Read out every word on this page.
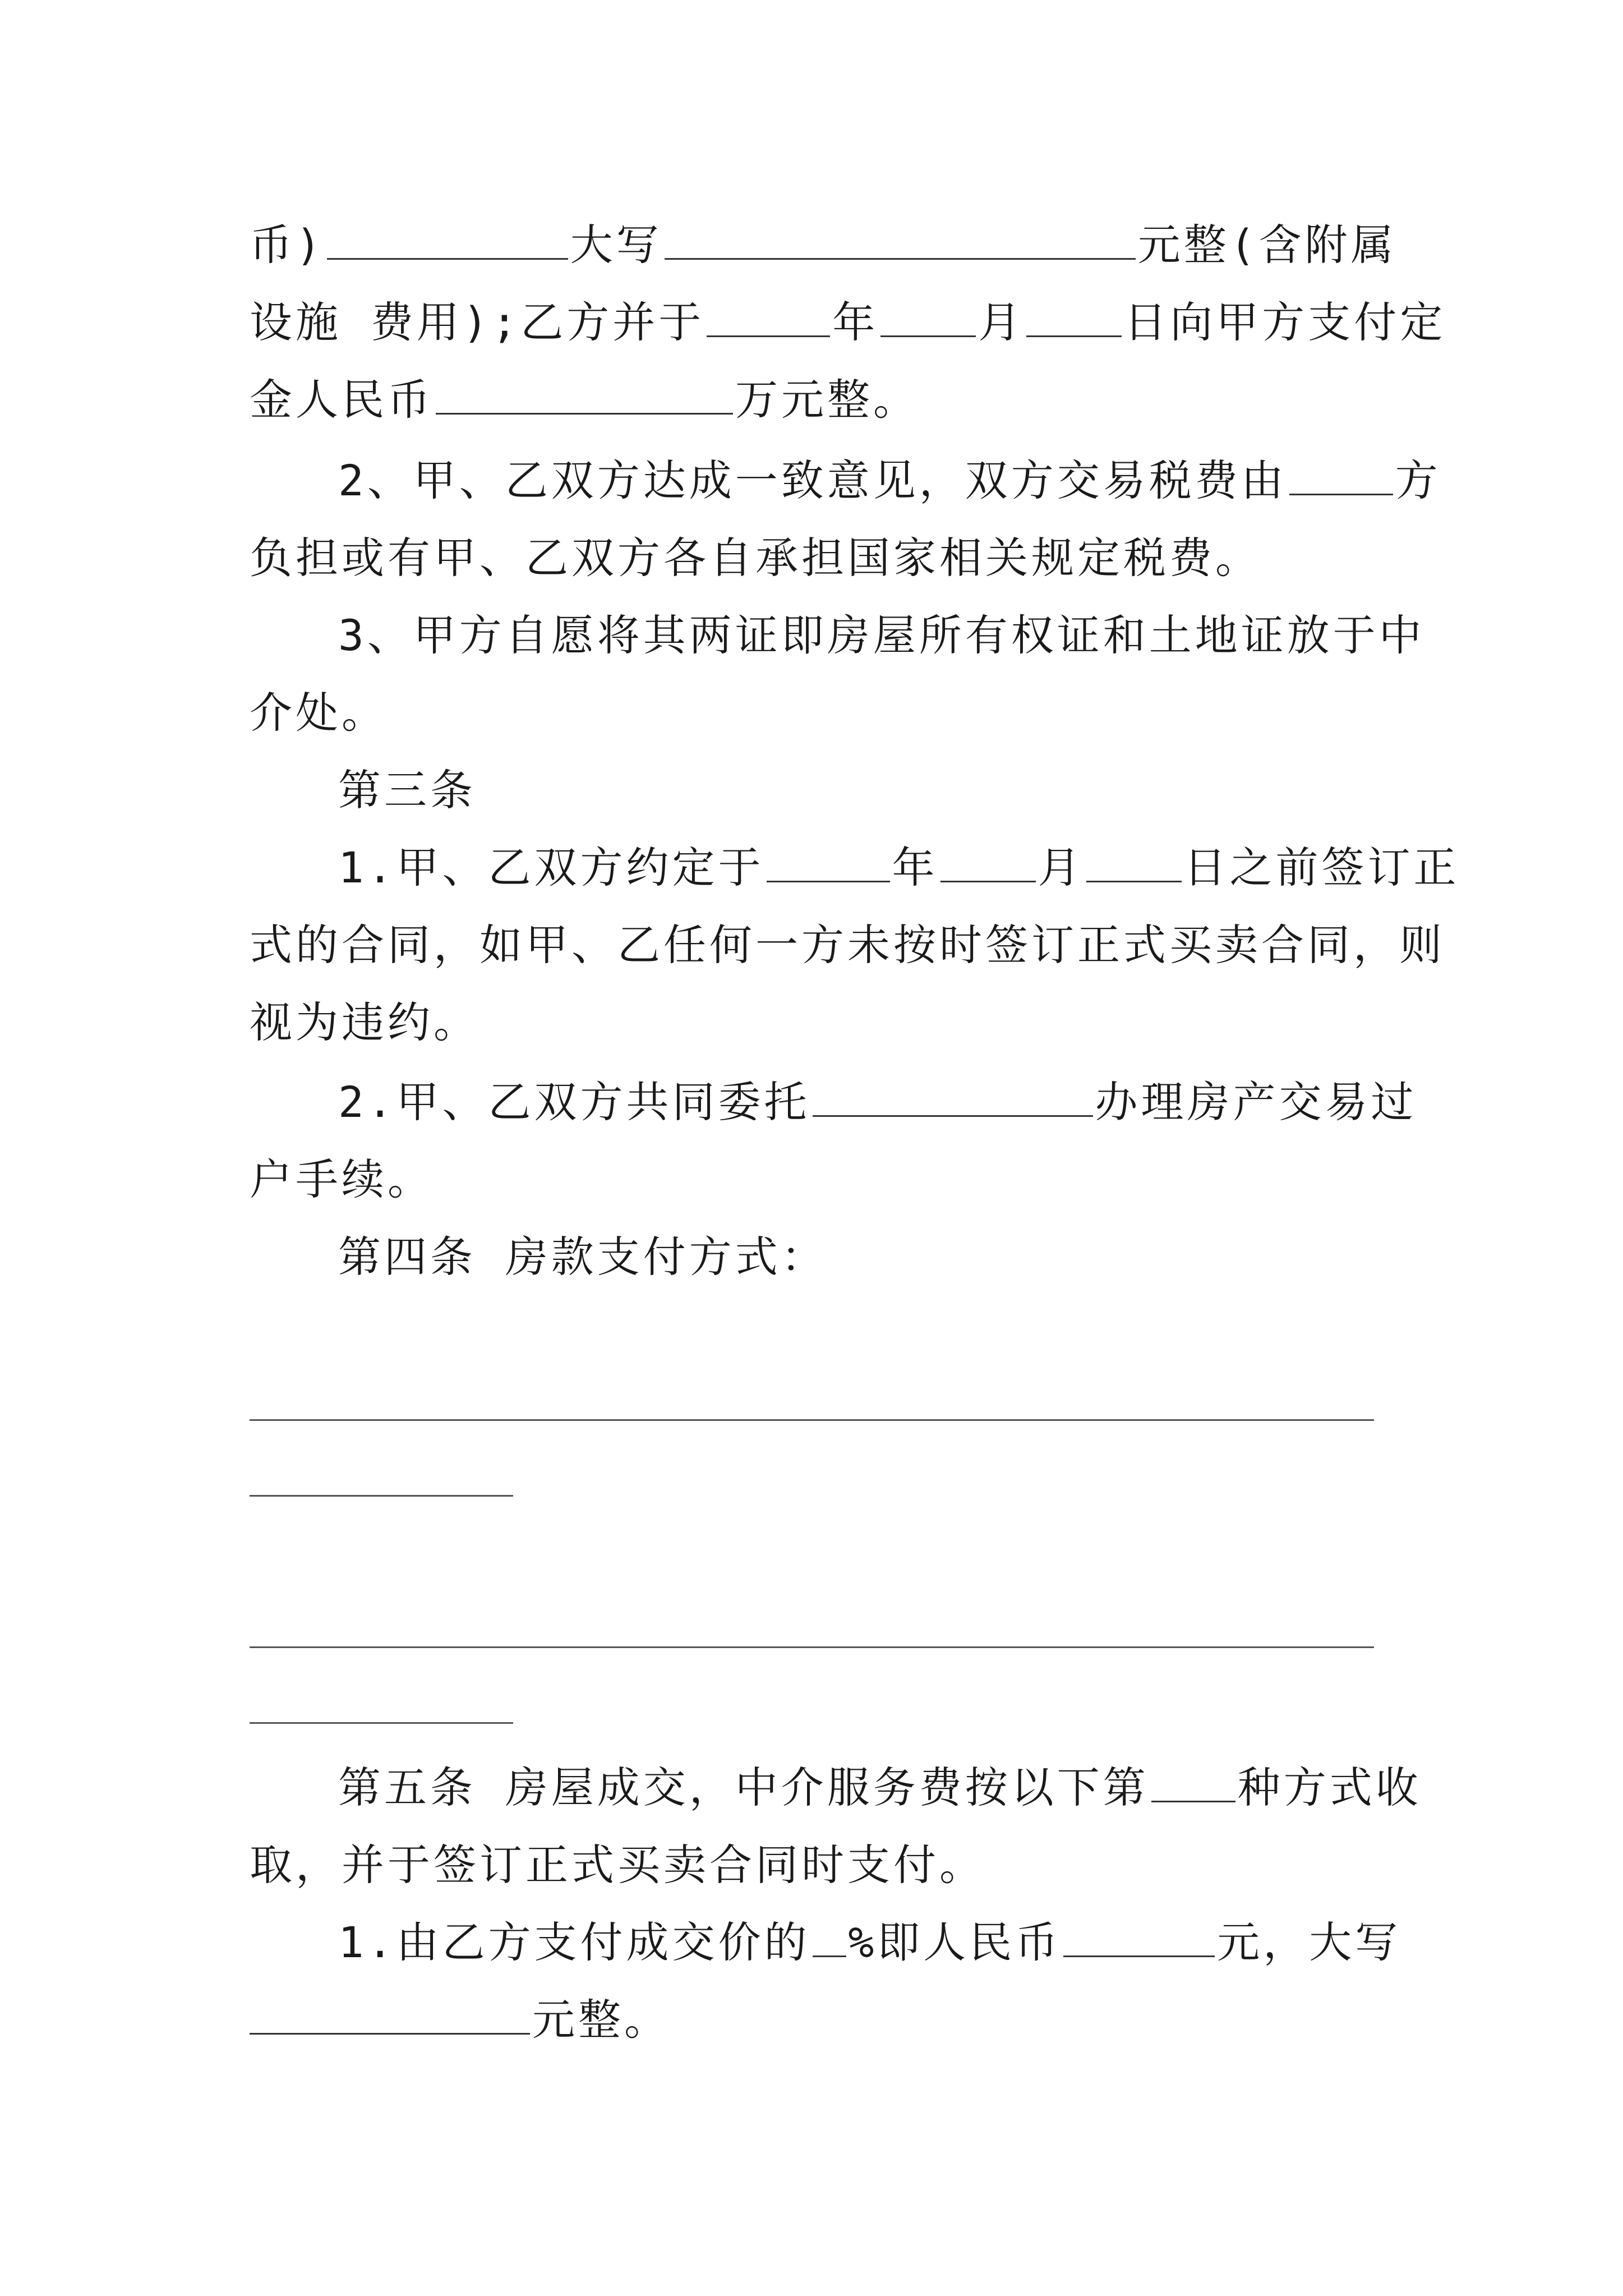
币)	大写	元整(含附属
设施 费用);乙方并于	年 月 日向甲方支付定
金人民币	万元整。
2、甲、乙双方达成一致意见，双方交易税费由	方
负担或有甲、乙双方各自承担国家相关规定税费。
3、甲方自愿将其两证即房屋所有权证和土地证放于中
介处。
第三条
1.甲、乙双方约定于	年 月 日之前签订正
式的合同，如甲、乙任何一方未按时签订正式买卖合同，则
视为违约。
2.甲、乙双方共同委托	办理房产交易过
户手续。
第四条 房款支付方式：
第五条 房屋成交，中介服务费按以下第 种方式收
取，并于签订正式买卖合同时支付。
1.由乙方支付成交价的 %即人民币	元，大写
元整。
